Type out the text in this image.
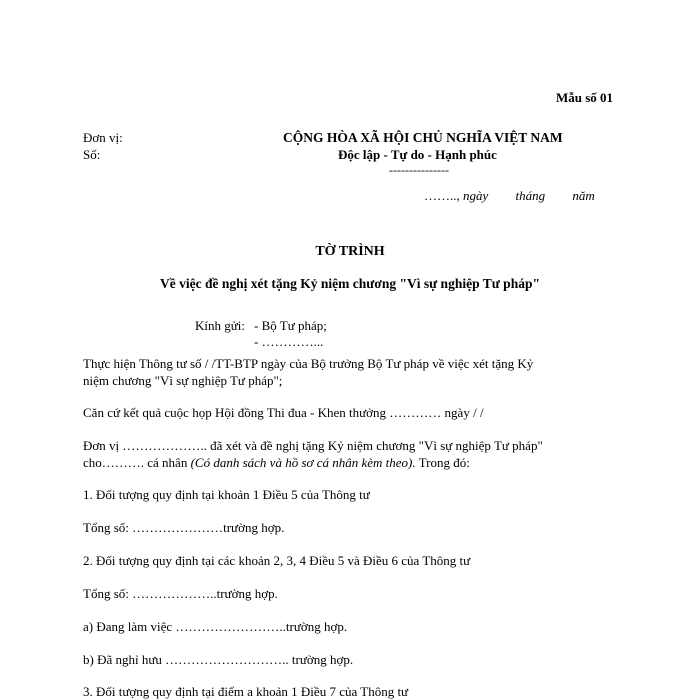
Mẫu số 01
Đơn vị:
Số:
CỘNG HÒA XÃ HỘI CHỦ NGHĨA VIỆT NAM
Độc lập - Tự do - Hạnh phúc
---------------
…….., ngày tháng năm
TỜ TRÌNH
Về việc đề nghị xét tặng Kỷ niệm chương "Vì sự nghiệp Tư pháp"
Kính gửi: - Bộ Tư pháp;
- …………...
Thực hiện Thông tư số / /TT-BTP ngày của Bộ trưởng Bộ Tư pháp về việc xét tặng Kỷ
niệm chương "Vì sự nghiệp Tư pháp";
Căn cứ kết quả cuộc họp Hội đồng Thi đua - Khen thưởng ………… ngày / /
Đơn vị ……………….. đã xét và đề nghị tặng Kỷ niệm chương "Vì sự nghiệp Tư pháp"
cho………. cá nhân (Có danh sách và hồ sơ cá nhân kèm theo). Trong đó:
1. Đối tượng quy định tại khoản 1 Điều 5 của Thông tư
Tổng số: …………………trường hợp.
2. Đối tượng quy định tại các khoản 2, 3, 4 Điều 5 và Điều 6 của Thông tư
Tổng số: ………………..trường hợp.
a) Đang làm việc ……………………..trường hợp.
b) Đã nghỉ hưu ……………………….. trường hợp.
3. Đối tượng quy định tại điểm a khoản 1 Điều 7 của Thông tư
